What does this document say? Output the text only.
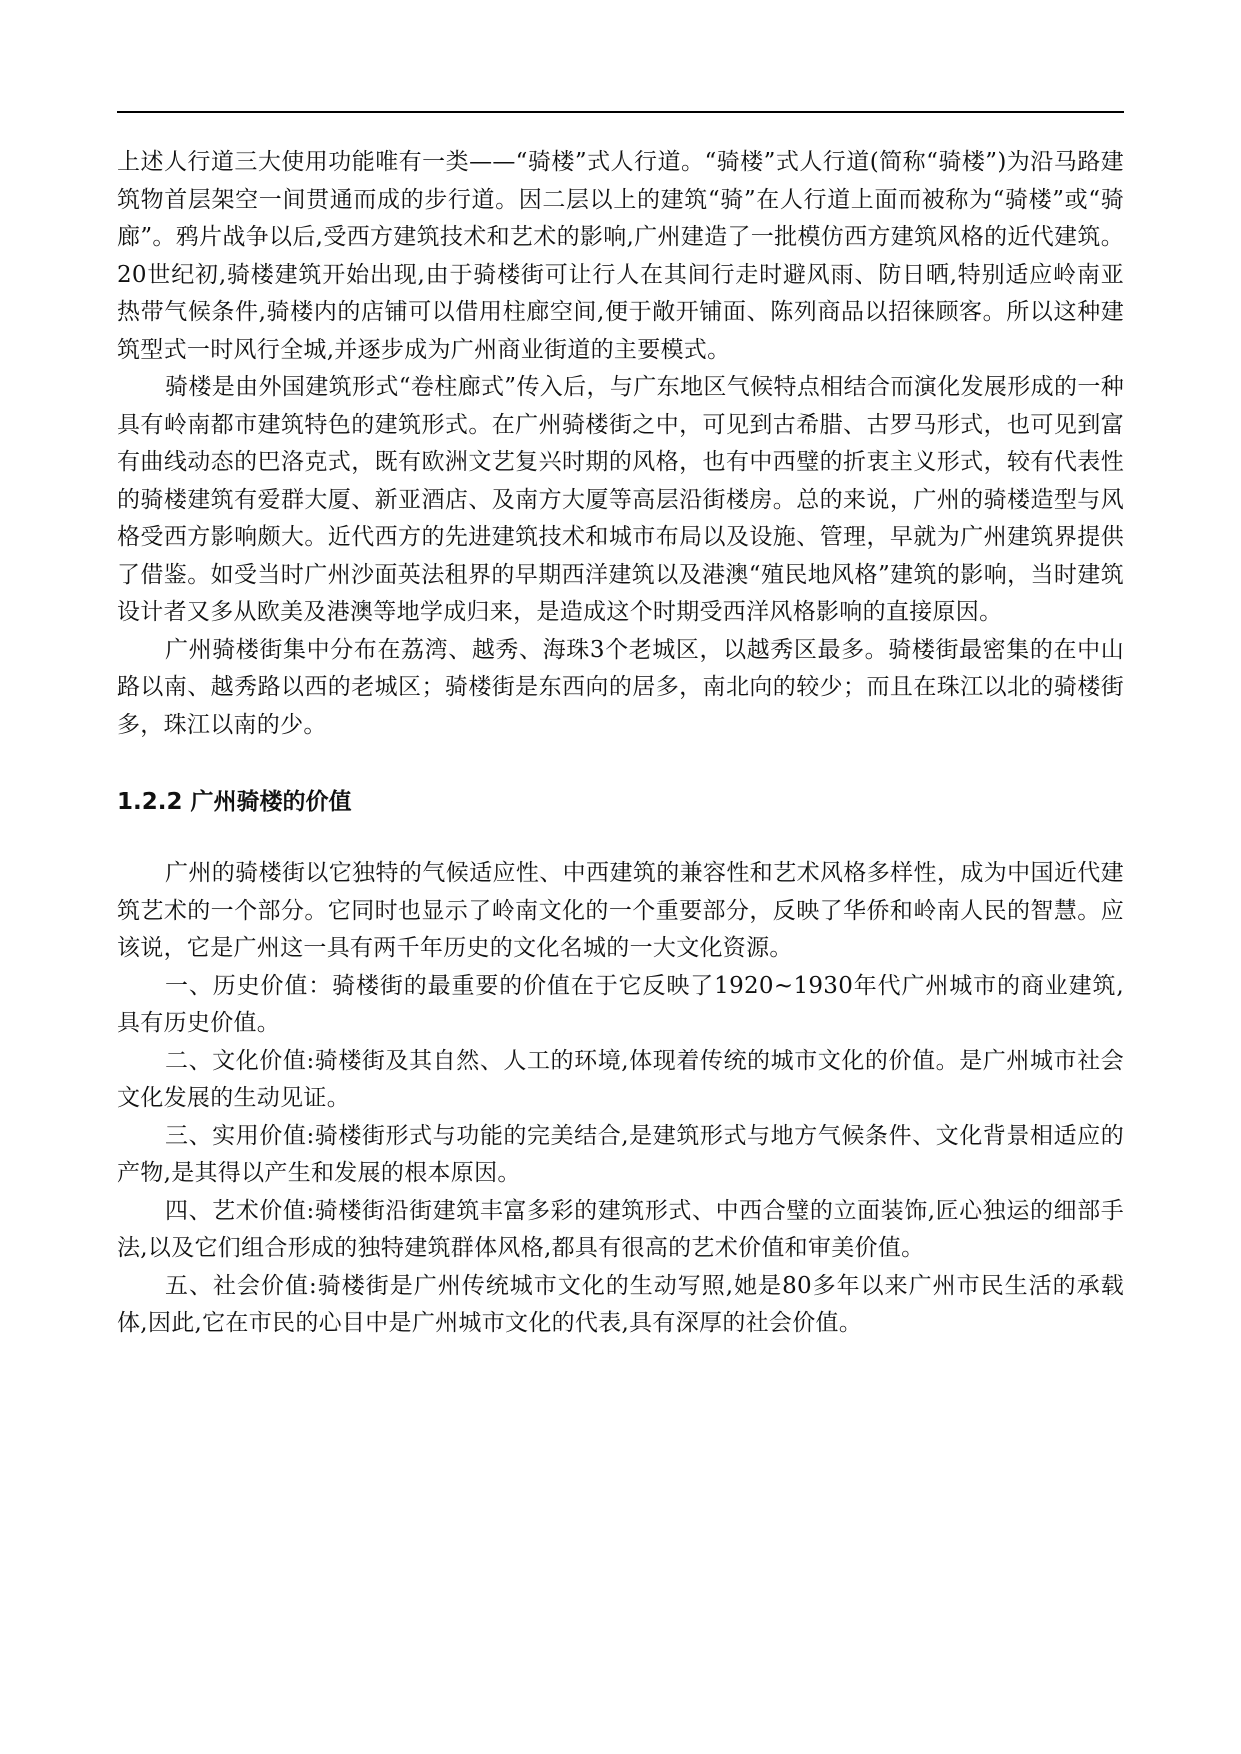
上述人行道三大使用功能唯有一类——“骑楼”式人行道。“骑楼”式人行道(简称“骑楼”)为沿马路建筑物首层架空一间贯通而成的步行道。因二层以上的建筑“骑”在人行道上面而被称为“骑楼”或“骑廊”。鸦片战争以后,受西方建筑技术和艺术的影响,广州建造了一批模仿西方建筑风格的近代建筑。20世纪初,骑楼建筑开始出现,由于骑楼街可让行人在其间行走时避风雨、防日晒,特别适应岭南亚热带气候条件,骑楼内的店铺可以借用柱廊空间,便于敞开铺面、陈列商品以招徕顾客。所以这种建筑型式一时风行全城,并逐步成为广州商业街道的主要模式。

骑楼是由外国建筑形式“卷柱廊式”传入后，与广东地区气候特点相结合而演化发展形成的一种具有岭南都市建筑特色的建筑形式。在广州骑楼街之中，可见到古希腊、古罗马形式，也可见到富有曲线动态的巴洛克式，既有欧洲文艺复兴时期的风格，也有中西璧的折衷主义形式，较有代表性的骑楼建筑有爱群大厦、新亚酒店、及南方大厦等高层沿街楼房。总的来说，广州的骑楼造型与风格受西方影响颇大。近代西方的先进建筑技术和城市布局以及设施、管理，早就为广州建筑界提供了借鉴。如受当时广州沙面英法租界的早期西洋建筑以及港澳“殖民地风格”建筑的影响，当时建筑设计者又多从欧美及港澳等地学成归来，是造成这个时期受西洋风格影响的直接原因。

广州骑楼街集中分布在荔湾、越秀、海珠3个老城区，以越秀区最多。骑楼街最密集的在中山路以南、越秀路以西的老城区；骑楼街是东西向的居多，南北向的较少；而且在珠江以北的骑楼街多，珠江以南的少。

1.2.2 广州骑楼的价值

广州的骑楼街以它独特的气候适应性、中西建筑的兼容性和艺术风格多样性，成为中国近代建筑艺术的一个部分。它同时也显示了岭南文化的一个重要部分，反映了华侨和岭南人民的智慧。应该说，它是广州这一具有两千年历史的文化名城的一大文化资源。

一、历史价值：骑楼街的最重要的价值在于它反映了1920~1930年代广州城市的商业建筑,具有历史价值。

二、文化价值:骑楼街及其自然、人工的环境,体现着传统的城市文化的价值。是广州城市社会文化发展的生动见证。

三、实用价值:骑楼街形式与功能的完美结合,是建筑形式与地方气候条件、文化背景相适应的产物,是其得以产生和发展的根本原因。

四、艺术价值:骑楼街沿街建筑丰富多彩的建筑形式、中西合璧的立面装饰,匠心独运的细部手法,以及它们组合形成的独特建筑群体风格,都具有很高的艺术价值和审美价值。

五、社会价值:骑楼街是广州传统城市文化的生动写照,她是80多年以来广州市民生活的承载体,因此,它在市民的心目中是广州城市文化的代表,具有深厚的社会价值。
